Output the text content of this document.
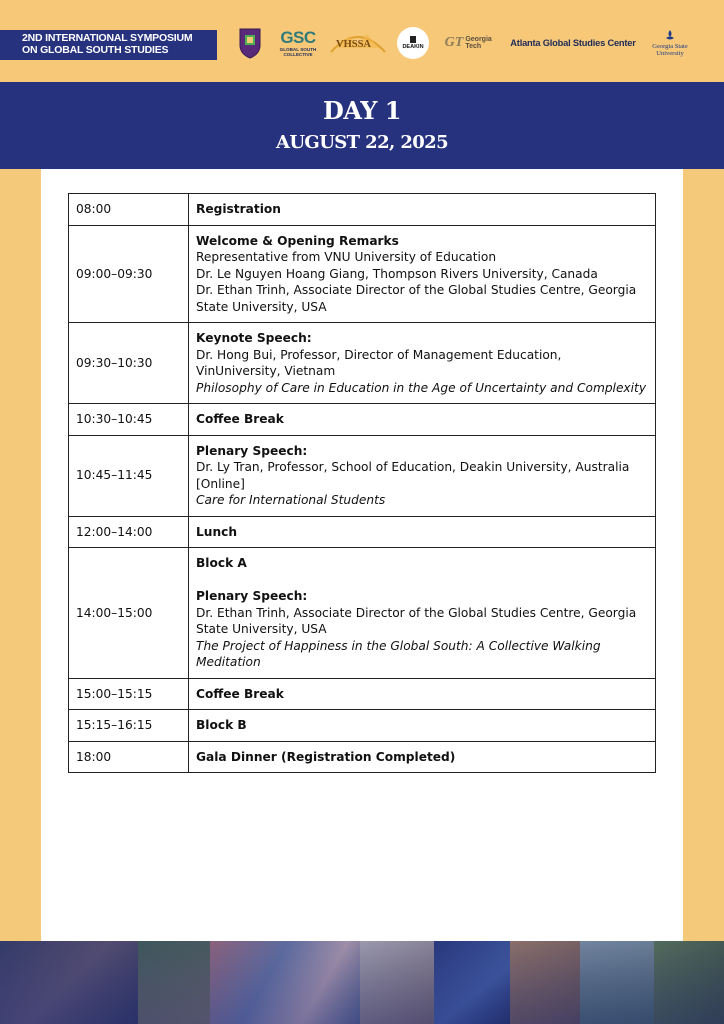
2ND INTERNATIONAL SYMPOSIUM
ON GLOBAL SOUTH STUDIES
GSC
GLOBAL SOUTH COLLECTIVE
VHSSA	DEAKIN GT Georgia Tech	Atlanta Global Studies Center	Georgia State
University
DAY 1
AUGUST 22, 2025
08:00	Registration

09:00–09:30	Welcome & Opening Remarks
Representative from VNU University of Education
Dr. Le Nguyen Hoang Giang, Thompson Rivers University, Canada
Dr. Ethan Trinh, Associate Director of the Global Studies Centre, Georgia State University, USA

09:30–10:30	Keynote Speech:
Dr. Hong Bui, Professor, Director of Management Education, VinUniversity, Vietnam
Philosophy of Care in Education in the Age of Uncertainty and Complexity

10:30–10:45	Coffee Break

10:45–11:45	Plenary Speech:
Dr. Ly Tran, Professor, School of Education, Deakin University, Australia [Online]
Care for International Students

12:00–14:00	Lunch

14:00–15:00	Block A
Plenary Speech:
Dr. Ethan Trinh, Associate Director of the Global Studies Centre, Georgia State University, USA
The Project of Happiness in the Global South: A Collective Walking Meditation

15:00–15:15	Coffee Break

15:15–16:15	Block B

18:00	Gala Dinner (Registration Completed)
